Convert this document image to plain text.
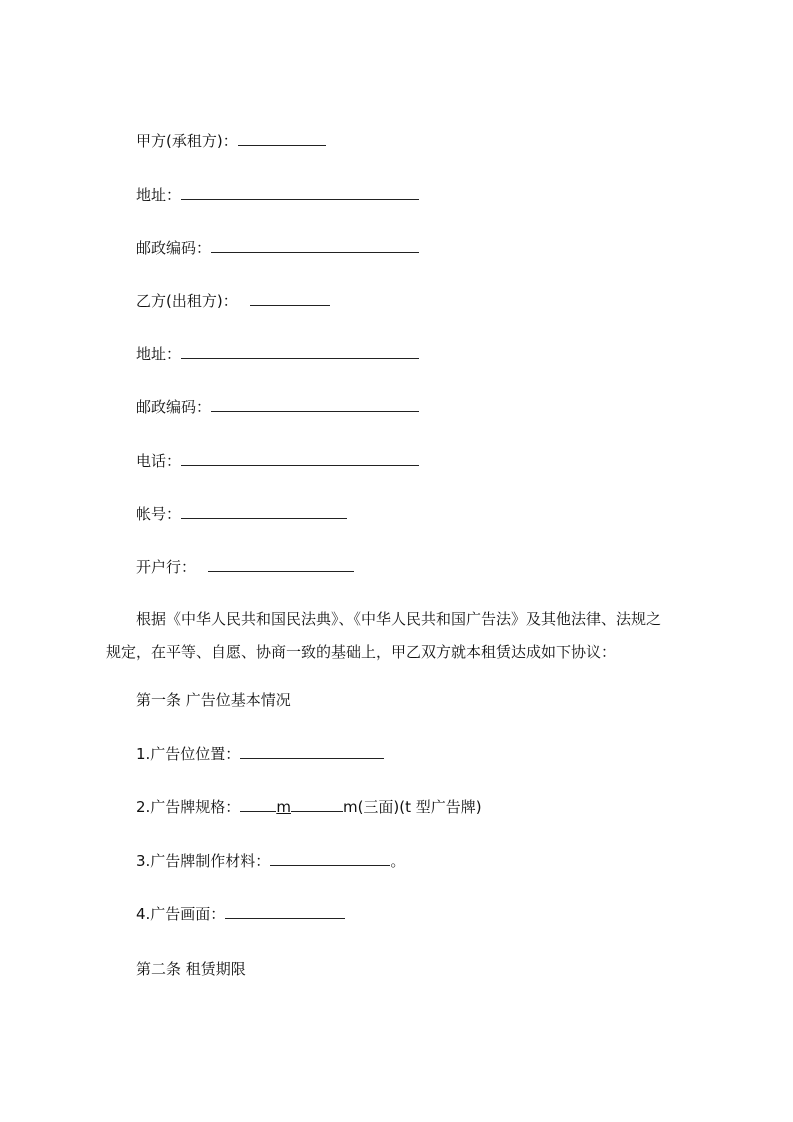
甲方(承租方)：
地址：
邮政编码：
乙方(出租方)：
地址：
邮政编码：
电话：
帐号：
开户行：
根据《中华人民共和国民法典》、《中华人民共和国广告法》及其他法律、法规之
规定，在平等、自愿、协商一致的基础上，甲乙双方就本租赁达成如下协议：
第一条 广告位基本情况
1.广告位位置：
2.广告牌规格： m	m(三面)(t 型广告牌)
3.广告牌制作材料：	。
4.广告画面：
第二条 租赁期限
